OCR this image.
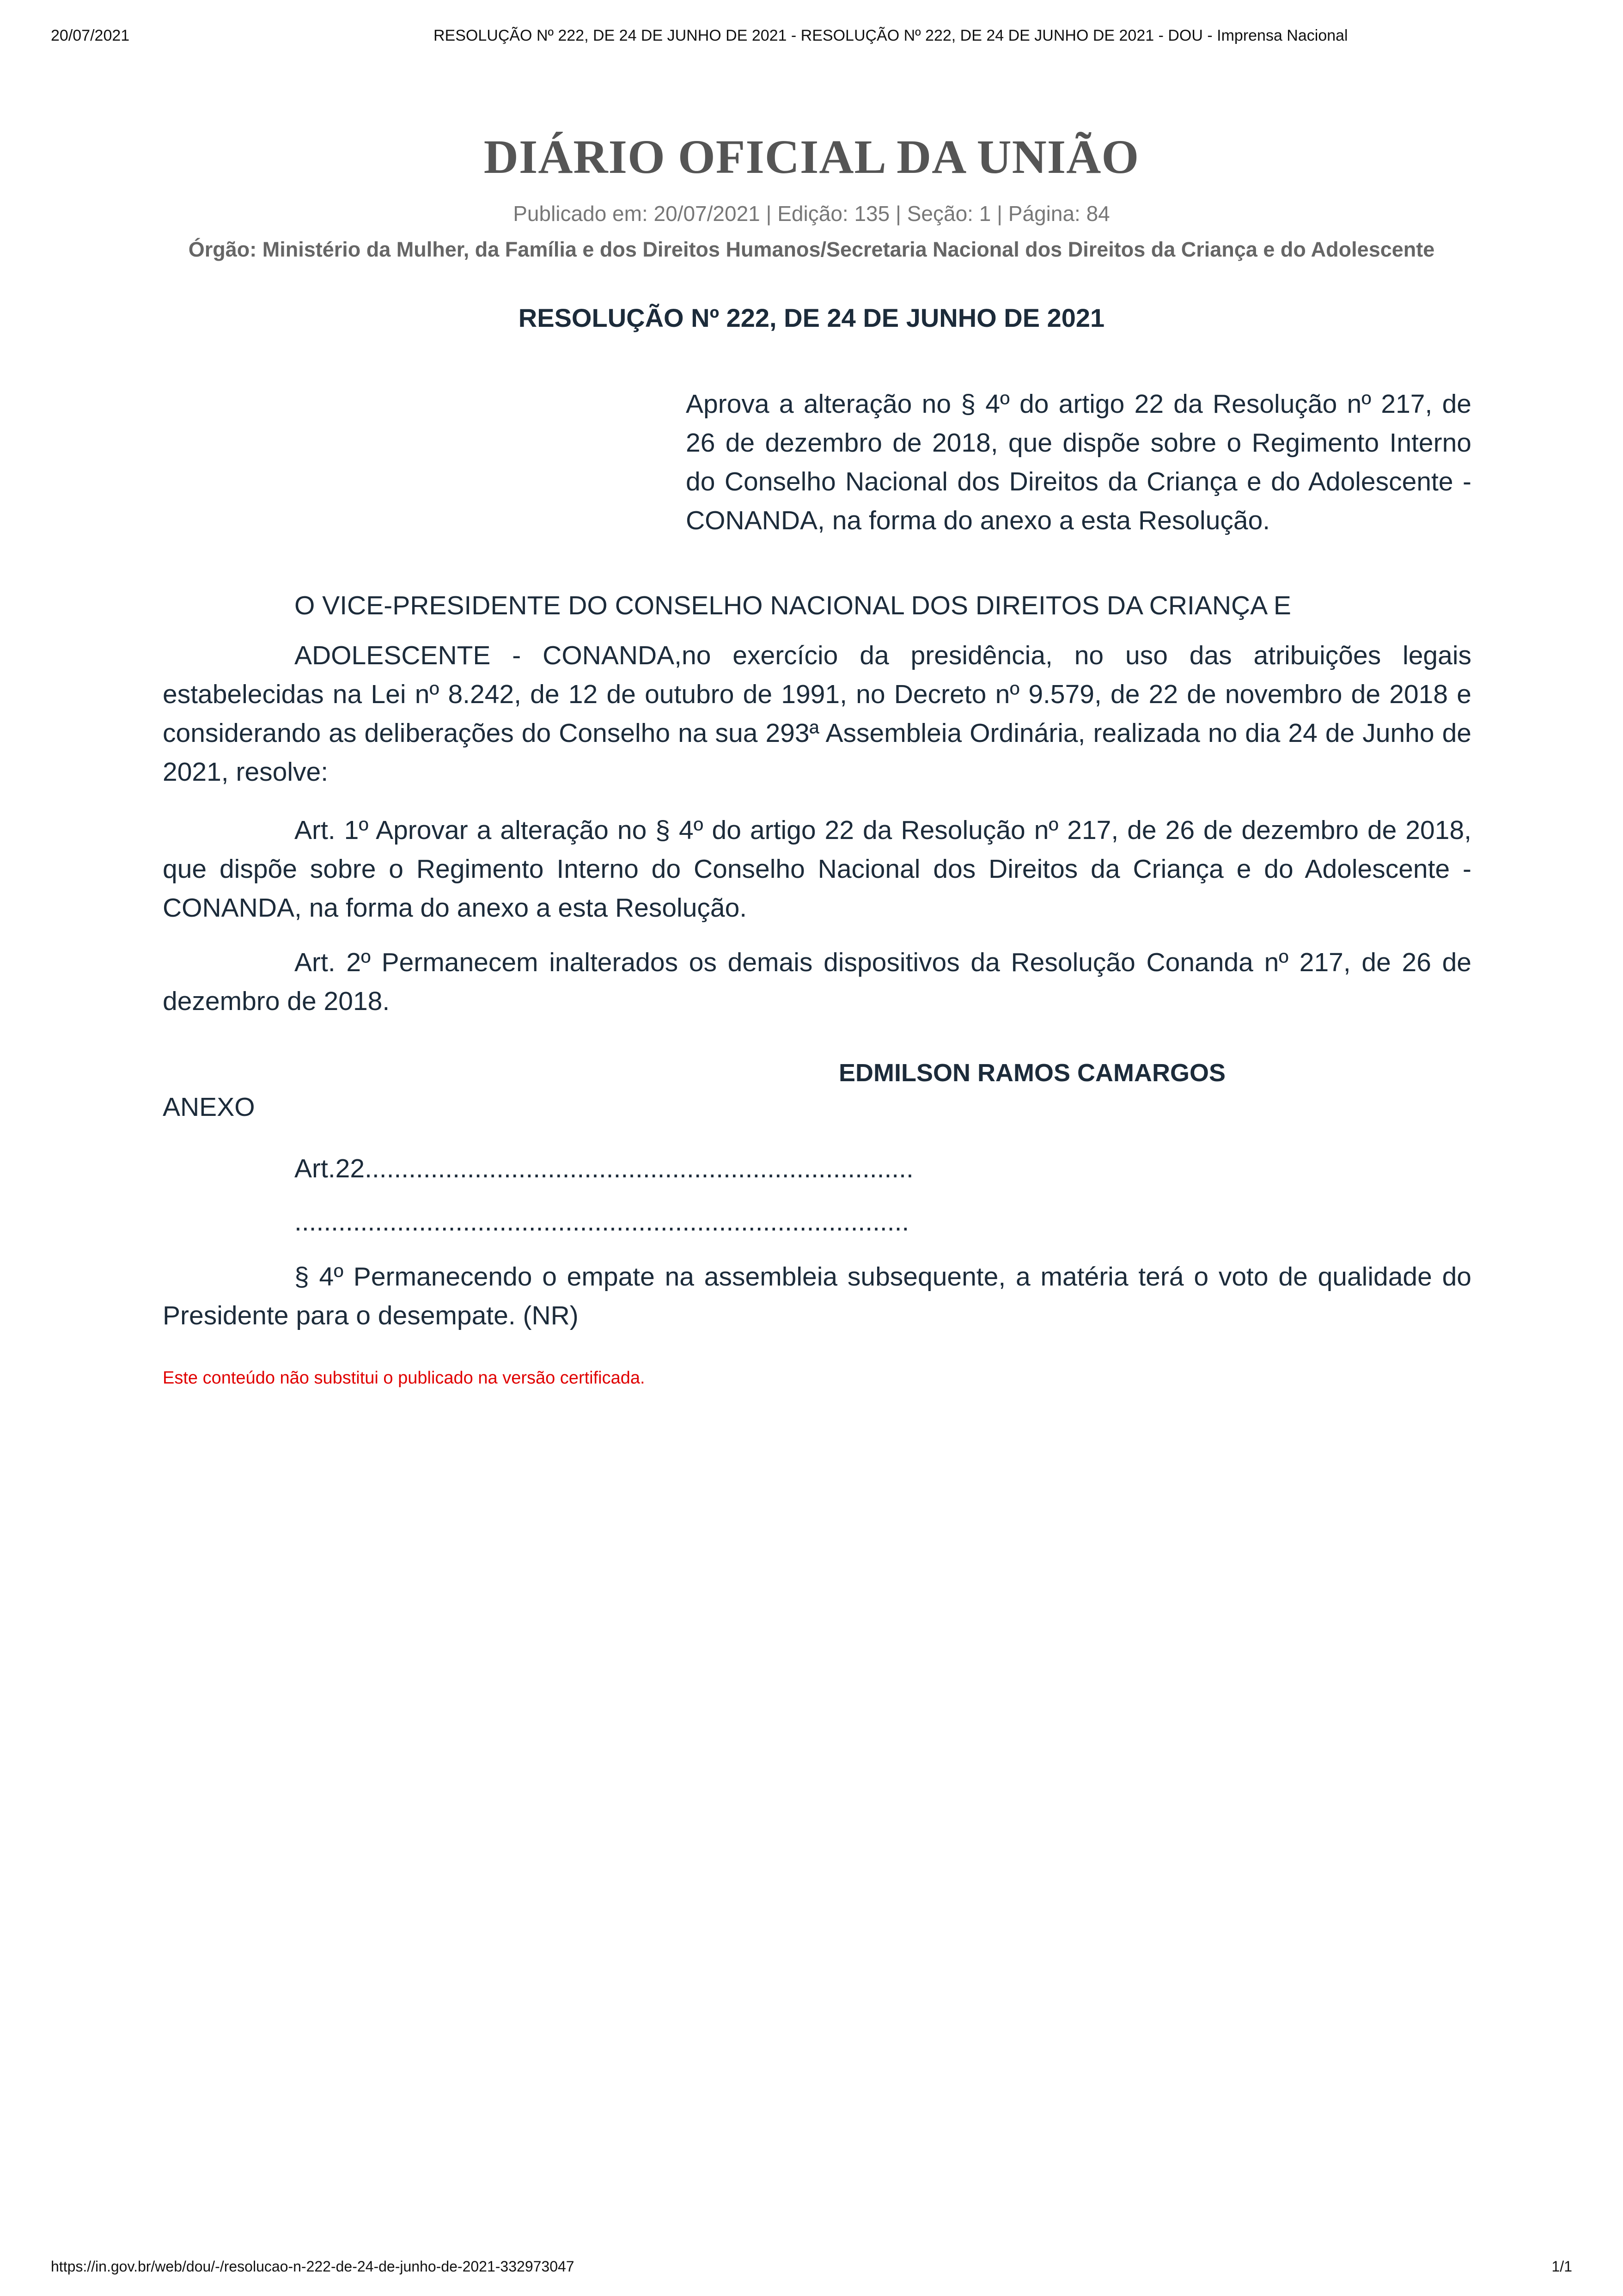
20/07/2021	RESOLUÇÃO Nº 222, DE 24 DE JUNHO DE 2021 - RESOLUÇÃO Nº 222, DE 24 DE JUNHO DE 2021 - DOU - Imprensa Nacional
DIÁRIO OFICIAL DA UNIÃO
Publicado em: 20/07/2021 | Edição: 135 | Seção: 1 | Página: 84
Órgão: Ministério da Mulher, da Família e dos Direitos Humanos/Secretaria Nacional dos Direitos da Criança e do Adolescente
RESOLUÇÃO Nº 222, DE 24 DE JUNHO DE 2021
Aprova a alteração no § 4º do artigo 22 da Resolução nº 217, de 26 de dezembro de 2018, que dispõe sobre o Regimento Interno do Conselho Nacional dos Direitos da Criança e do Adolescente - CONANDA, na forma do anexo a esta Resolução.
O VICE-PRESIDENTE DO CONSELHO NACIONAL DOS DIREITOS DA CRIANÇA E
ADOLESCENTE - CONANDA,no exercício da presidência, no uso das atribuições legais estabelecidas na Lei nº 8.242, de 12 de outubro de 1991, no Decreto nº 9.579, de 22 de novembro de 2018 e considerando as deliberações do Conselho na sua 293ª Assembleia Ordinária, realizada no dia 24 de Junho de 2021, resolve:
Art. 1º Aprovar a alteração no § 4º do artigo 22 da Resolução nº 217, de 26 de dezembro de 2018, que dispõe sobre o Regimento Interno do Conselho Nacional dos Direitos da Criança e do Adolescente - CONANDA, na forma do anexo a esta Resolução.
Art. 2º Permanecem inalterados os demais dispositivos da Resolução Conanda nº 217, de 26 de dezembro de 2018.
EDMILSON RAMOS CAMARGOS
ANEXO
Art.22...........................................................................
....................................................................................
§ 4º Permanecendo o empate na assembleia subsequente, a matéria terá o voto de qualidade do Presidente para o desempate. (NR)
Este conteúdo não substitui o publicado na versão certificada.
https://in.gov.br/web/dou/-/resolucao-n-222-de-24-de-junho-de-2021-332973047	1/1
